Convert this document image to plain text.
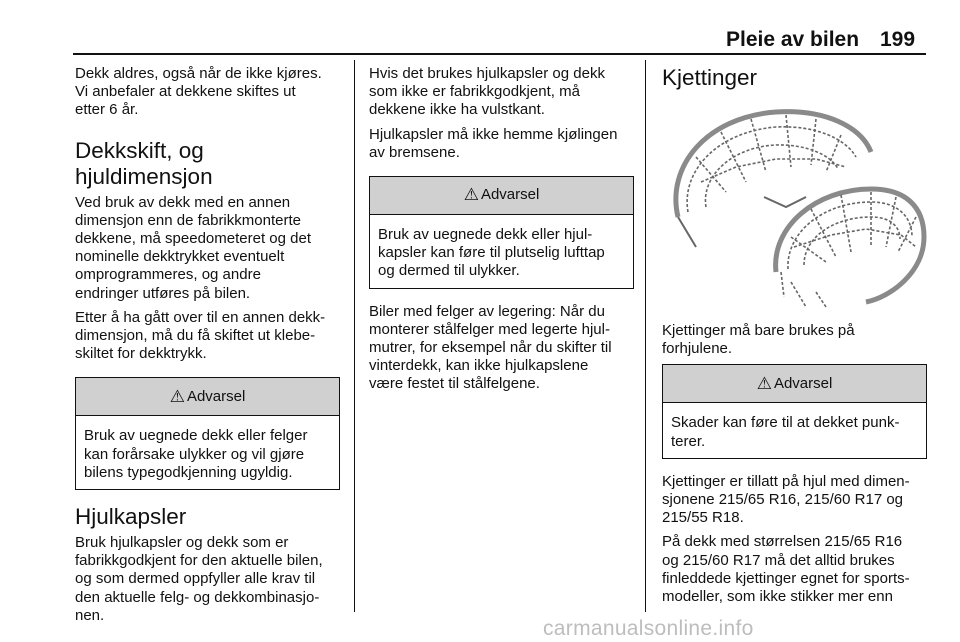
Pleie av bilen 199

Dekk aldres, også når de ikke kjøres.
Vi anbefaler at dekkene skiftes ut
etter 6 år.

Dekkskift, og hjuldimensjon

Ved bruk av dekk med en annen
dimensjon enn de fabrikkmonterte
dekkene, må speedometeret og det
nominelle dekktrykket eventuelt
omprogrammeres, og andre
endringer utføres på bilen.

Etter å ha gått over til en annen dekk-
dimensjon, må du få skiftet ut klebe-
skiltet for dekktrykk.

⚠ Advarsel
Bruk av uegnede dekk eller felger
kan forårsake ulykker og vil gjøre
bilens typegodkjenning ugyldig.
Hjulkapsler

Bruk hjulkapsler og dekk som er
fabrikkgodkjent for den aktuelle bilen,
og som dermed oppfyller alle krav til
den aktuelle felg- og dekkombinasjo-
nen.

Hvis det brukes hjulkapsler og dekk
som ikke er fabrikkgodkjent, må
dekkene ikke ha vulstkant.

Hjulkapsler må ikke hemme kjølingen
av bremsene.

⚠ Advarsel
Bruk av uegnede dekk eller hjul-
kapsler kan føre til plutselig lufttap
og dermed til ulykker.

Biler med felger av legering: Når du
monterer stålfelger med legerte hjul-
mutrer, for eksempel når du skifter til
vinterdekk, kan ikke hjulkapslene
være festet til stålfelgene.

Kjettinger

Kjettinger må bare brukes på
forhjulene.

⚠ Advarsel
Skader kan føre til at dekket punk-
terer.

Kjettinger er tillatt på hjul med dimen-
sjonene 215/65 R16, 215/60 R17 og
215/55 R18.

På dekk med størrelsen 215/65 R16
og 215/60 R17 må det alltid brukes
finleddede kjettinger egnet for sports-
modeller, som ikke stikker mer enn

carmanualsonline.info
